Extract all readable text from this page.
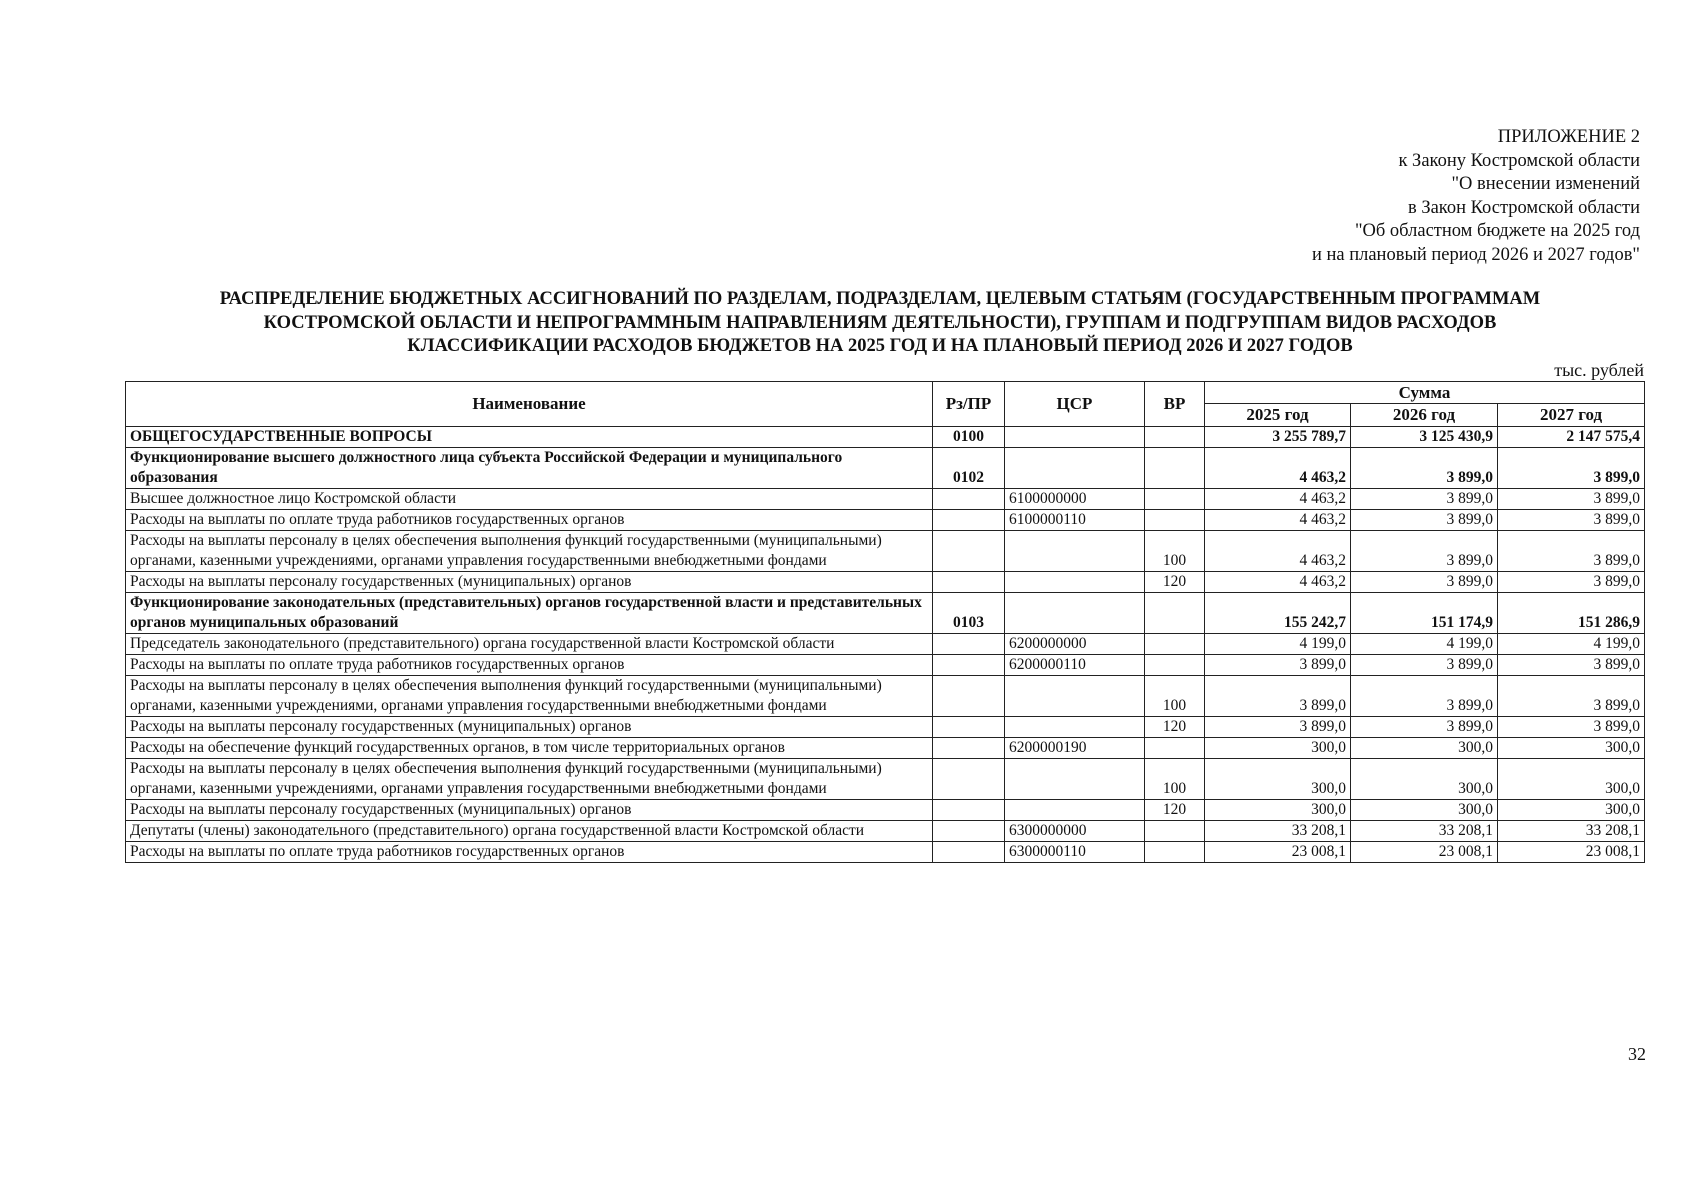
ПРИЛОЖЕНИЕ 2
к Закону Костромской области
"О внесении изменений
в Закон Костромской области
"Об областном бюджете на 2025 год
и на плановый период 2026 и 2027 годов"
РАСПРЕДЕЛЕНИЕ БЮДЖЕТНЫХ АССИГНОВАНИЙ ПО РАЗДЕЛАМ, ПОДРАЗДЕЛАМ, ЦЕЛЕВЫМ СТАТЬЯМ (ГОСУДАРСТВЕННЫМ ПРОГРАММАМ
КОСТРОМСКОЙ ОБЛАСТИ И НЕПРОГРАММНЫМ НАПРАВЛЕНИЯМ ДЕЯТЕЛЬНОСТИ), ГРУППАМ И ПОДГРУППАМ ВИДОВ РАСХОДОВ
КЛАССИФИКАЦИИ РАСХОДОВ БЮДЖЕТОВ НА 2025 ГОД И НА ПЛАНОВЫЙ ПЕРИОД 2026 И 2027 ГОДОВ
тыс. рублей
Наименование	Рз/ПР	ЦСР	ВР	Сумма		
				2025 год	2026 год	2027 год
ОБЩЕГОСУДАРСТВЕННЫЕ ВОПРОСЫ	0100			3 255 789,7	3 125 430,9	2 147 575,4
Функционирование высшего должностного лица субъекта Российской Федерации и муниципального образования	0102			4 463,2	3 899,0	3 899,0
Высшее должностное лицо Костромской области		6100000000		4 463,2	3 899,0	3 899,0
Расходы на выплаты по оплате труда работников государственных органов		6100000110		4 463,2	3 899,0	3 899,0
Расходы на выплаты персоналу в целях обеспечения выполнения функций государственными (муниципальными) органами, казенными учреждениями, органами управления государственными внебюджетными фондами			100	4 463,2	3 899,0	3 899,0
Расходы на выплаты персоналу государственных (муниципальных) органов			120	4 463,2	3 899,0	3 899,0
Функционирование законодательных (представительных) органов государственной власти и представительных органов муниципальных образований	0103			155 242,7	151 174,9	151 286,9
Председатель законодательного (представительного) органа государственной власти Костромской области		6200000000		4 199,0	4 199,0	4 199,0
Расходы на выплаты по оплате труда работников государственных органов		6200000110		3 899,0	3 899,0	3 899,0
Расходы на выплаты персоналу в целях обеспечения выполнения функций государственными (муниципальными) органами, казенными учреждениями, органами управления государственными внебюджетными фондами			100	3 899,0	3 899,0	3 899,0
Расходы на выплаты персоналу государственных (муниципальных) органов			120	3 899,0	3 899,0	3 899,0
Расходы на обеспечение функций государственных органов, в том числе территориальных органов		6200000190		300,0	300,0	300,0
Расходы на выплаты персоналу в целях обеспечения выполнения функций государственными (муниципальными) органами, казенными учреждениями, органами управления государственными внебюджетными фондами			100	300,0	300,0	300,0
Расходы на выплаты персоналу государственных (муниципальных) органов			120	300,0	300,0	300,0
Депутаты (члены) законодательного (представительного) органа государственной власти Костромской области		6300000000		33 208,1	33 208,1	33 208,1
Расходы на выплаты по оплате труда работников государственных органов		6300000110		23 008,1	23 008,1	23 008,1
32
